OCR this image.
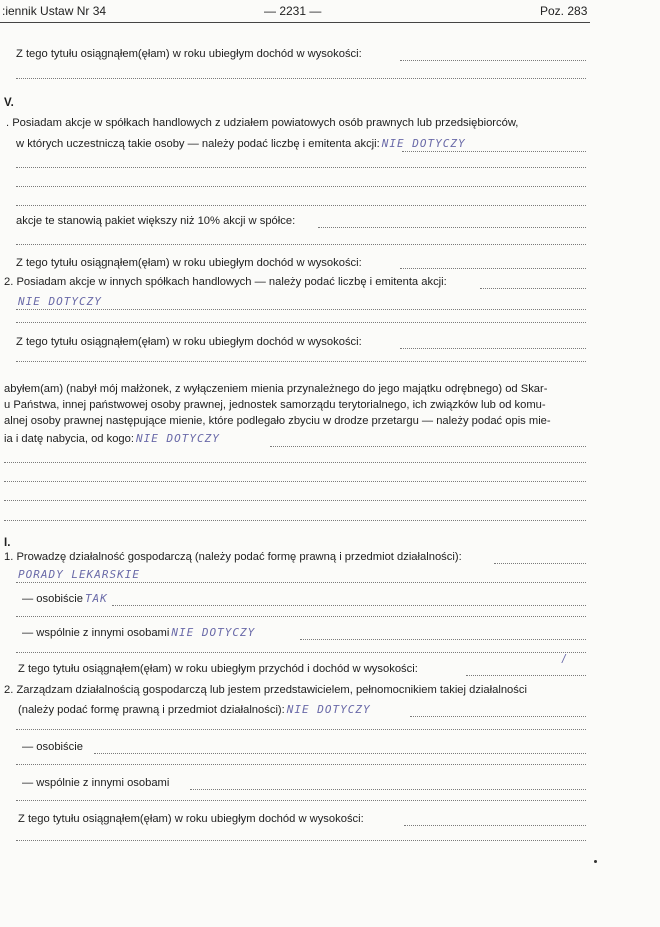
:iennik Ustaw Nr 34	— 2231 —	Poz. 283
Z tego tytułu osiągnąłem(ęłam) w roku ubiegłym dochód w wysokości:
V.
. Posiadam akcje w spółkach handlowych z udziałem powiatowych osób prawnych lub przedsiębiorców,
w których uczestniczą takie osoby — należy podać liczbę i emitenta akcji: NIE DOTYCZY
akcje te stanowią pakiet większy niż 10% akcji w spółce:
Z tego tytułu osiągnąłem(ęłam) w roku ubiegłym dochód w wysokości:
2. Posiadam akcje w innych spółkach handlowych — należy podać liczbę i emitenta akcji:
NIE DOTYCZY
Z tego tytułu osiągnąłem(ęłam) w roku ubiegłym dochód w wysokości:
abyłem(am) (nabył mój małżonek, z wyłączeniem mienia przynależnego do jego majątku odrębnego) od Skar-
u Państwa, innej państwowej osoby prawnej, jednostek samorządu terytorialnego, ich związków lub od komu-
alnej osoby prawnej następujące mienie, które podlegało zbyciu w drodze przetargu — należy podać opis mie-
ia i datę nabycia, od kogo: NIE DOTYCZY
I.
1. Prowadzę działalność gospodarczą (należy podać formę prawną i przedmiot działalności):
PORADY LEKARSKIE
— osobiście TAK
— wspólnie z innymi osobami NIE DOTYCZY
Z tego tytułu osiągnąłem(ęłam) w roku ubiegłym przychód i dochód w wysokości:
/
2. Zarządzam działalnością gospodarczą lub jestem przedstawicielem, pełnomocnikiem takiej działalności
(należy podać formę prawną i przedmiot działalności): NIE DOTYCZY
— osobiście
— wspólnie z innymi osobami
Z tego tytułu osiągnąłem(ęłam) w roku ubiegłym dochód w wysokości:
